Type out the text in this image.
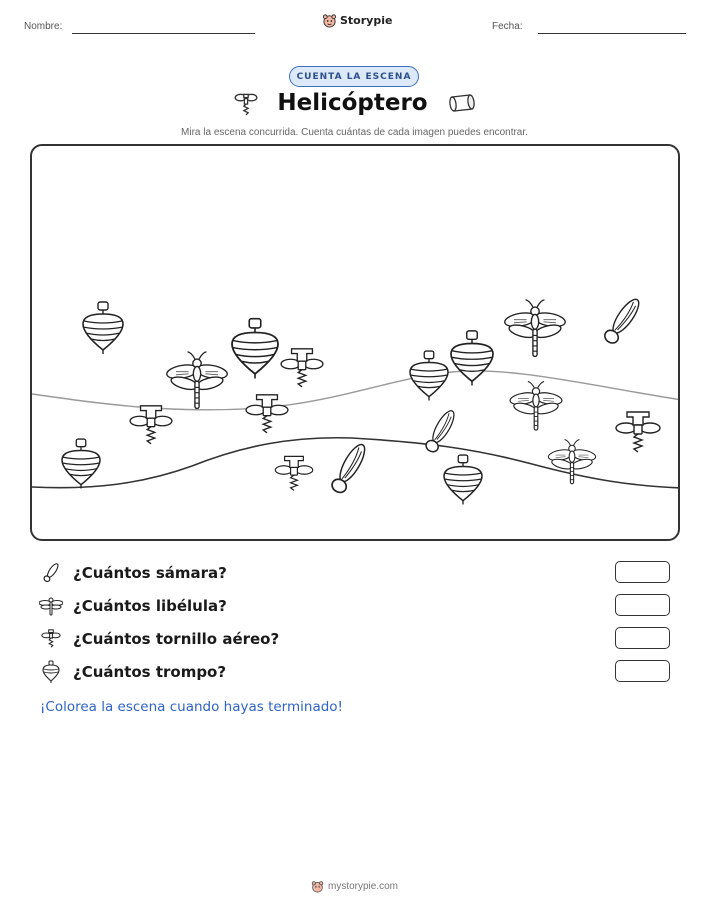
Nombre:	Storypie	Fecha:
CUENTA LA ESCENA
Helicóptero
Mira la escena concurrida. Cuenta cuántas de cada imagen puedes encontrar.
¿Cuántos sámara?
¿Cuántos libélula?
¿Cuántos tornillo aéreo?
¿Cuántos trompo?
¡Colorea la escena cuando hayas terminado!
mystorypie.com
